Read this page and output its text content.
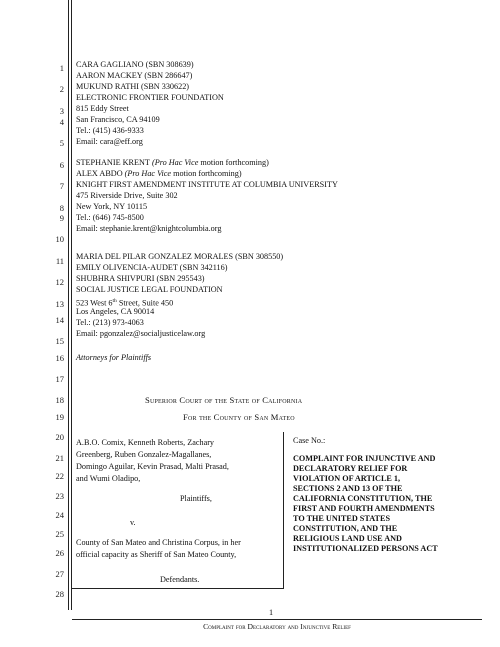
1
2
3
4
5
6
7
8
9
10
11
12
13
14
15
16
17
18
19
20
21
22
23
24
25
26
27
28
CARA GAGLIANO (SBN 308639)
AARON MACKEY (SBN 286647)
MUKUND RATHI (SBN 330622)
ELECTRONIC FRONTIER FOUNDATION
815 Eddy Street
San Francisco, CA 94109
Tel.: (415) 436-9333
Email: cara@eff.org
STEPHANIE KRENT (Pro Hac Vice motion forthcoming)
ALEX ABDO (Pro Hac Vice motion forthcoming)
KNIGHT FIRST AMENDMENT INSTITUTE AT COLUMBIA UNIVERSITY
475 Riverside Drive, Suite 302
New York, NY 10115
Tel.: (646) 745-8500
Email: stephanie.krent@knightcolumbia.org
MARIA DEL PILAR GONZALEZ MORALES (SBN 308550)
EMILY OLIVENCIA-AUDET (SBN 342116)
SHUBHRA SHIVPURI (SBN 295543)
SOCIAL JUSTICE LEGAL FOUNDATION
523 West 6th Street, Suite 450
Los Angeles, CA 90014
Tel.: (213) 973-4063
Email: pgonzalez@socialjusticelaw.org
Attorneys for Plaintiffs
Superior Court of the State of California
For the County of San Mateo
A.B.O. Comix, Kenneth Roberts, Zachary
Greenberg, Ruben Gonzalez-Magallanes,
Domingo Aguilar, Kevin Prasad, Malti Prasad,
and Wumi Oladipo,
Plaintiffs,
v.
County of San Mateo and Christina Corpus, in her
official capacity as Sheriff of San Mateo County,
Defendants.
Case No.:
COMPLAINT FOR INJUNCTIVE AND
DECLARATORY RELIEF FOR
VIOLATION OF ARTICLE 1,
SECTIONS 2 AND 13 OF THE
CALIFORNIA CONSTITUTION, THE
FIRST AND FOURTH AMENDMENTS
TO THE UNITED STATES
CONSTITUTION, AND THE
RELIGIOUS LAND USE AND
INSTITUTIONALIZED PERSONS ACT
1
Complaint for Declaratory and Injunctive Relief
